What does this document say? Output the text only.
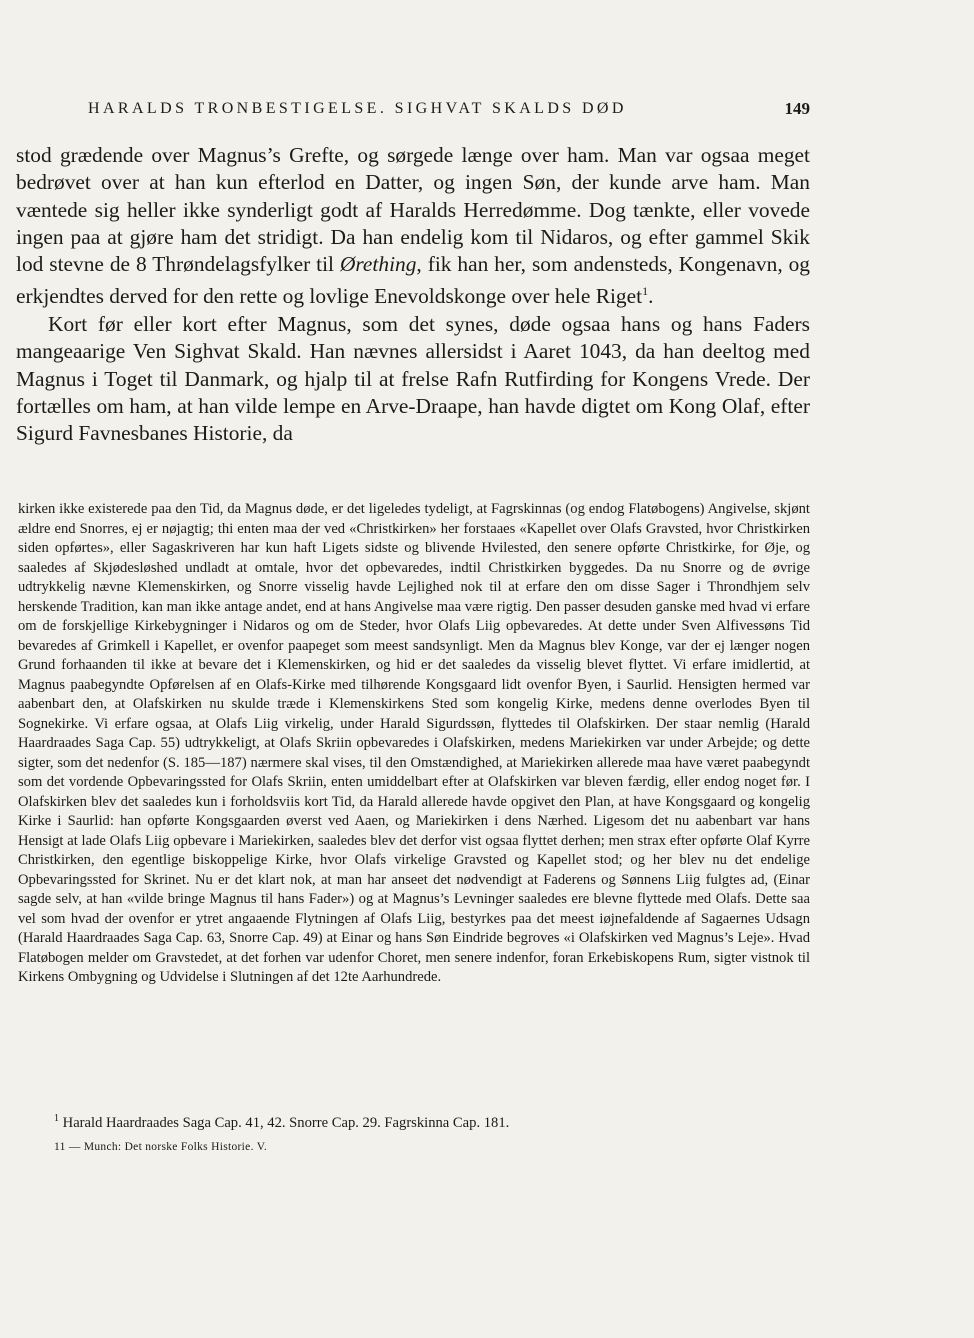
HARALDS TRONBESTIGELSE. SIGHVAT SKALDS DØD	149

stod grædende over Magnus’s Grefte, og sørgede længe over ham. Man var ogsaa meget bedrøvet over at han kun efterlod en Datter, og ingen Søn, der kunde arve ham. Man væntede sig heller ikke synderligt godt af Haralds Herredømme. Dog tænkte, eller vovede ingen paa at gjøre ham det stridigt. Da han endelig kom til Nidaros, og efter gammel Skik lod stevne de 8 Thrøndelagsfylker til Ørething, fik han her, som andensteds, Kongenavn, og erkjendtes derved for den rette og lovlige Enevoldskonge over hele Riget$^1$.

Kort før eller kort efter Magnus, som det synes, døde ogsaa hans og hans Faders mangeaarige Ven Sighvat Skald. Han nævnes allersidst i Aaret 1043, da han deeltog med Magnus i Toget til Danmark, og hjalp til at frelse Rafn Rutfirding for Kongens Vrede. Der fortælles om ham, at han vilde lempe en Arve-Draape, han havde digtet om Kong Olaf, efter Sigurd Favnesbanes Historie, da

kirken ikke existerede paa den Tid, da Magnus døde, er det ligeledes tydeligt, at Fagrskinnas (og endog Flatøbogens) Angivelse, skjønt ældre end Snorres, ej er nøjagtig; thi enten maa der ved «Christkirken» her forstaaes «Kapellet over Olafs Gravsted, hvor Christkirken siden opførtes», eller Sagaskriveren har kun haft Ligets sidste og blivende Hvilested, den senere opførte Christkirke, for Øje, og saaledes af Skjødesløshed undladt at omtale, hvor det opbevaredes, indtil Christkirken byggedes. Da nu Snorre og de øvrige udtrykkelig nævne Klemenskirken, og Snorre visselig havde Lejlighed nok til at erfare den om disse Sager i Throndhjem selv herskende Tradition, kan man ikke antage andet, end at hans Angivelse maa være rigtig. Den passer desuden ganske med hvad vi erfare om de forskjellige Kirkebygninger i Nidaros og om de Steder, hvor Olafs Liig opbevaredes. At dette under Sven Alfivessøns Tid bevaredes af Grimkell i Kapellet, er ovenfor paapeget som meest sandsynligt. Men da Magnus blev Konge, var der ej længer nogen Grund forhaanden til ikke at bevare det i Klemenskirken, og hid er det saaledes da visselig blevet flyttet. Vi erfare imidlertid, at Magnus paabegyndte Opførelsen af en Olafs-Kirke med tilhørende Kongsgaard lidt ovenfor Byen, i Saurlid. Hensigten hermed var aabenbart den, at Olafskirken nu skulde træde i Klemenskirkens Sted som kongelig Kirke, medens denne overlodes Byen til Sognekirke. Vi erfare ogsaa, at Olafs Liig virkelig, under Harald Sigurdssøn, flyttedes til Olafskirken. Der staar nemlig (Harald Haardraades Saga Cap. 55) udtrykkeligt, at Olafs Skriin opbevaredes i Olafskirken, medens Mariekirken var under Arbejde; og dette sigter, som det nedenfor (S. 185—187) nærmere skal vises, til den Omstændighed, at Mariekirken allerede maa have været paabegyndt som det vordende Opbevaringssted for Olafs Skriin, enten umiddelbart efter at Olafskirken var bleven færdig, eller endog noget før. I Olafskirken blev det saaledes kun i forholdsviis kort Tid, da Harald allerede havde opgivet den Plan, at have Kongsgaard og kongelig Kirke i Saurlid: han opførte Kongsgaarden øverst ved Aaen, og Mariekirken i dens Nærhed. Ligesom det nu aabenbart var hans Hensigt at lade Olafs Liig opbevare i Mariekirken, saaledes blev det derfor vist ogsaa flyttet derhen; men strax efter opførte Olaf Kyrre Christkirken, den egentlige biskoppelige Kirke, hvor Olafs virkelige Gravsted og Kapellet stod; og her blev nu det endelige Opbevaringssted for Skrinet. Nu er det klart nok, at man har anseet det nødvendigt at Faderens og Sønnens Liig fulgtes ad, (Einar sagde selv, at han «vilde bringe Magnus til hans Fader») og at Magnus’s Levninger saaledes ere blevne flyttede med Olafs. Dette saa vel som hvad der ovenfor er ytret angaaende Flytningen af Olafs Liig, bestyrkes paa det meest iøjnefaldende af Sagaernes Udsagn (Harald Haardraades Saga Cap. 63, Snorre Cap. 49) at Einar og hans Søn Eindride begroves «i Olafskirken ved Magnus’s Leje». Hvad Flatøbogen melder om Gravstedet, at det forhen var udenfor Choret, men senere indenfor, foran Erkebiskopens Rum, sigter vistnok til Kirkens Ombygning og Udvidelse i Slutningen af det 12te Aarhundrede.

$^1$ Harald Haardraades Saga Cap. 41, 42. Snorre Cap. 29. Fagrskinna Cap. 181.

11 — Munch: Det norske Folks Historie. V.
